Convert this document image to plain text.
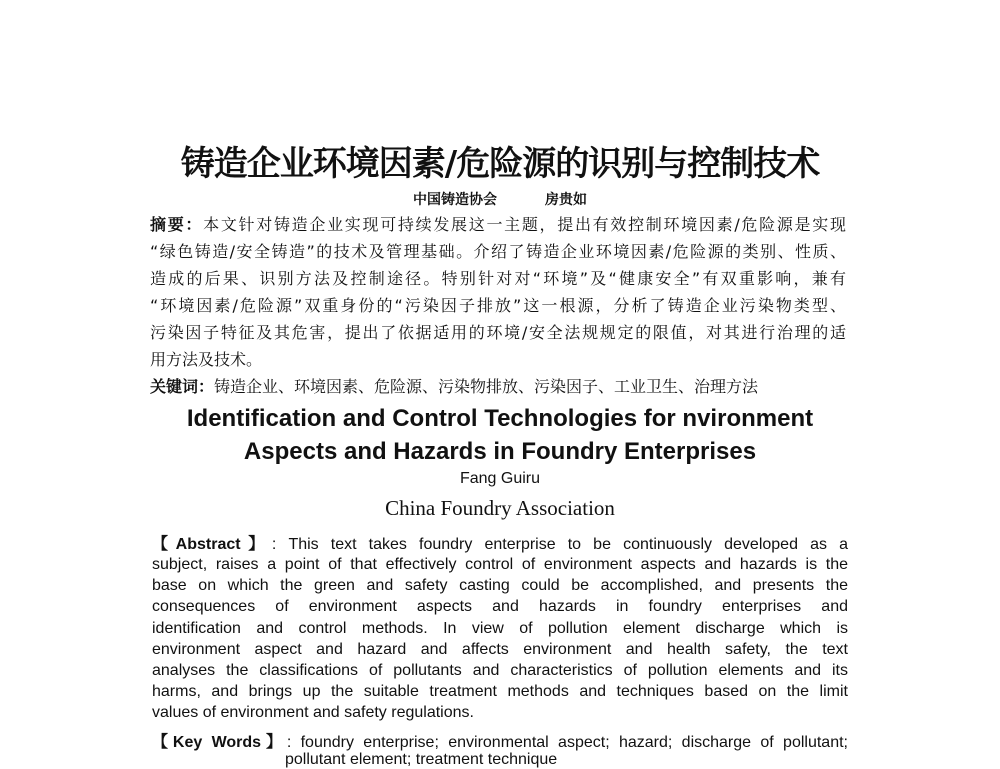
铸造企业环境因素/危险源的识别与控制技术
中国铸造协会	房贵如
摘要：本文针对铸造企业实现可持续发展这一主题，提出有效控制环境因素/危险源是实现
“绿色铸造/安全铸造”的技术及管理基础。介绍了铸造企业环境因素/危险源的类别、性质、
造成的后果、识别方法及控制途径。特别针对对“环境”及“健康安全”有双重影响，兼有
“环境因素/危险源”双重身份的“污染因子排放”这一根源，分析了铸造企业污染物类型、
污染因子特征及其危害，提出了依据适用的环境/安全法规规定的限值，对其进行治理的适
用方法及技术。
关键词：铸造企业、环境因素、危险源、污染物排放、污染因子、工业卫生、治理方法
Identification and Control Technologies for nvironment
Aspects and Hazards in Foundry Enterprises
Fang Guiru
China Foundry Association
【Abstract】: This text takes foundry enterprise to be continuously developed as a
subject, raises a point of that effectively control of environment aspects and hazards is the
base on which the green and safety casting could be accomplished, and presents the
consequences of environment aspects and hazards in foundry enterprises and
identification and control methods. In view of pollution element discharge which is
environment aspect and hazard and affects environment and health safety, the text
analyses the classifications of pollutants and characteristics of pollution elements and its
harms, and brings up the suitable treatment methods and techniques based on the limit
values of environment and safety regulations.
【Key Words】: foundry enterprise; environmental aspect; hazard; discharge of pollutant;
pollutant element; treatment technique
